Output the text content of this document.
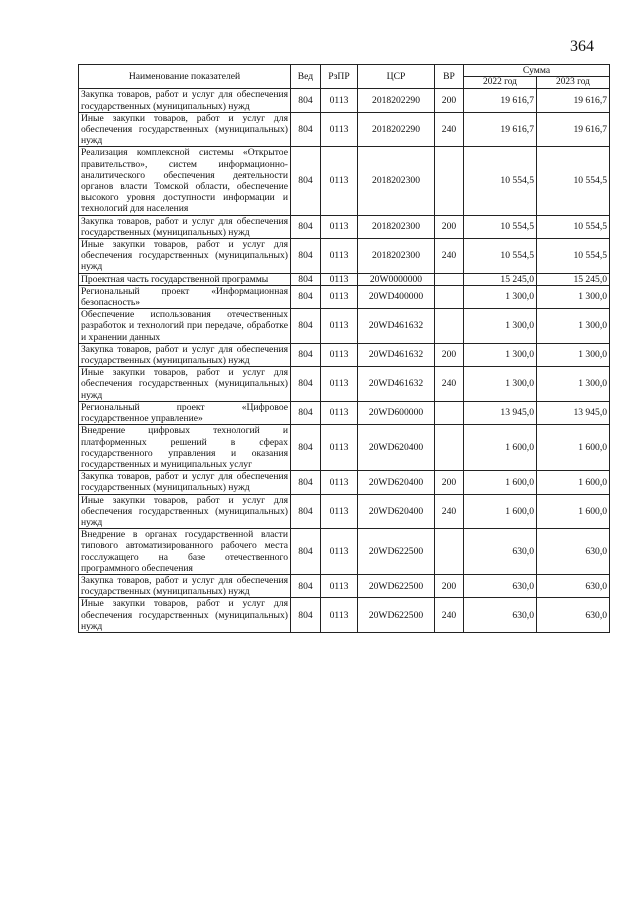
364
Наименование показателей	Вед	РзПР	ЦСР	ВР	Сумма	
					2022 год	2023 год
Закупка товаров, работ и услуг для обеспечения государственных (муниципальных) нужд	804	0113	2018202290	200	19 616,7	19 616,7
Иные закупки товаров, работ и услуг для обеспечения государственных (муниципальных) нужд	804	0113	2018202290	240	19 616,7	19 616,7
Реализация комплексной системы «Открытое правительство», систем информационно-аналитического обеспечения деятельности органов власти Томской области, обеспечение высокого уровня доступности информации и технологий для населения	804	0113	2018202300		10 554,5	10 554,5
Закупка товаров, работ и услуг для обеспечения государственных (муниципальных) нужд	804	0113	2018202300	200	10 554,5	10 554,5
Иные закупки товаров, работ и услуг для обеспечения государственных (муниципальных) нужд	804	0113	2018202300	240	10 554,5	10 554,5
Проектная часть государственной программы	804	0113	20W0000000		15 245,0	15 245,0
Региональный проект «Информационная безопасность»	804	0113	20WD400000		1 300,0	1 300,0
Обеспечение использования отечественных разработок и технологий при передаче, обработке и хранении данных	804	0113	20WD461632		1 300,0	1 300,0
Закупка товаров, работ и услуг для обеспечения государственных (муниципальных) нужд	804	0113	20WD461632	200	1 300,0	1 300,0
Иные закупки товаров, работ и услуг для обеспечения государственных (муниципальных) нужд	804	0113	20WD461632	240	1 300,0	1 300,0
Региональный проект «Цифровое государственное управление»	804	0113	20WD600000		13 945,0	13 945,0
Внедрение цифровых технологий и платформенных решений в сферах государственного управления и оказания государственных и муниципальных услуг	804	0113	20WD620400		1 600,0	1 600,0
Закупка товаров, работ и услуг для обеспечения государственных (муниципальных) нужд	804	0113	20WD620400	200	1 600,0	1 600,0
Иные закупки товаров, работ и услуг для обеспечения государственных (муниципальных) нужд	804	0113	20WD620400	240	1 600,0	1 600,0
Внедрение в органах государственной власти типового автоматизированного рабочего места госслужащего на базе отечественного программного обеспечения	804	0113	20WD622500		630,0	630,0
Закупка товаров, работ и услуг для обеспечения государственных (муниципальных) нужд	804	0113	20WD622500	200	630,0	630,0
Иные закупки товаров, работ и услуг для обеспечения государственных (муниципальных) нужд	804	0113	20WD622500	240	630,0	630,0
